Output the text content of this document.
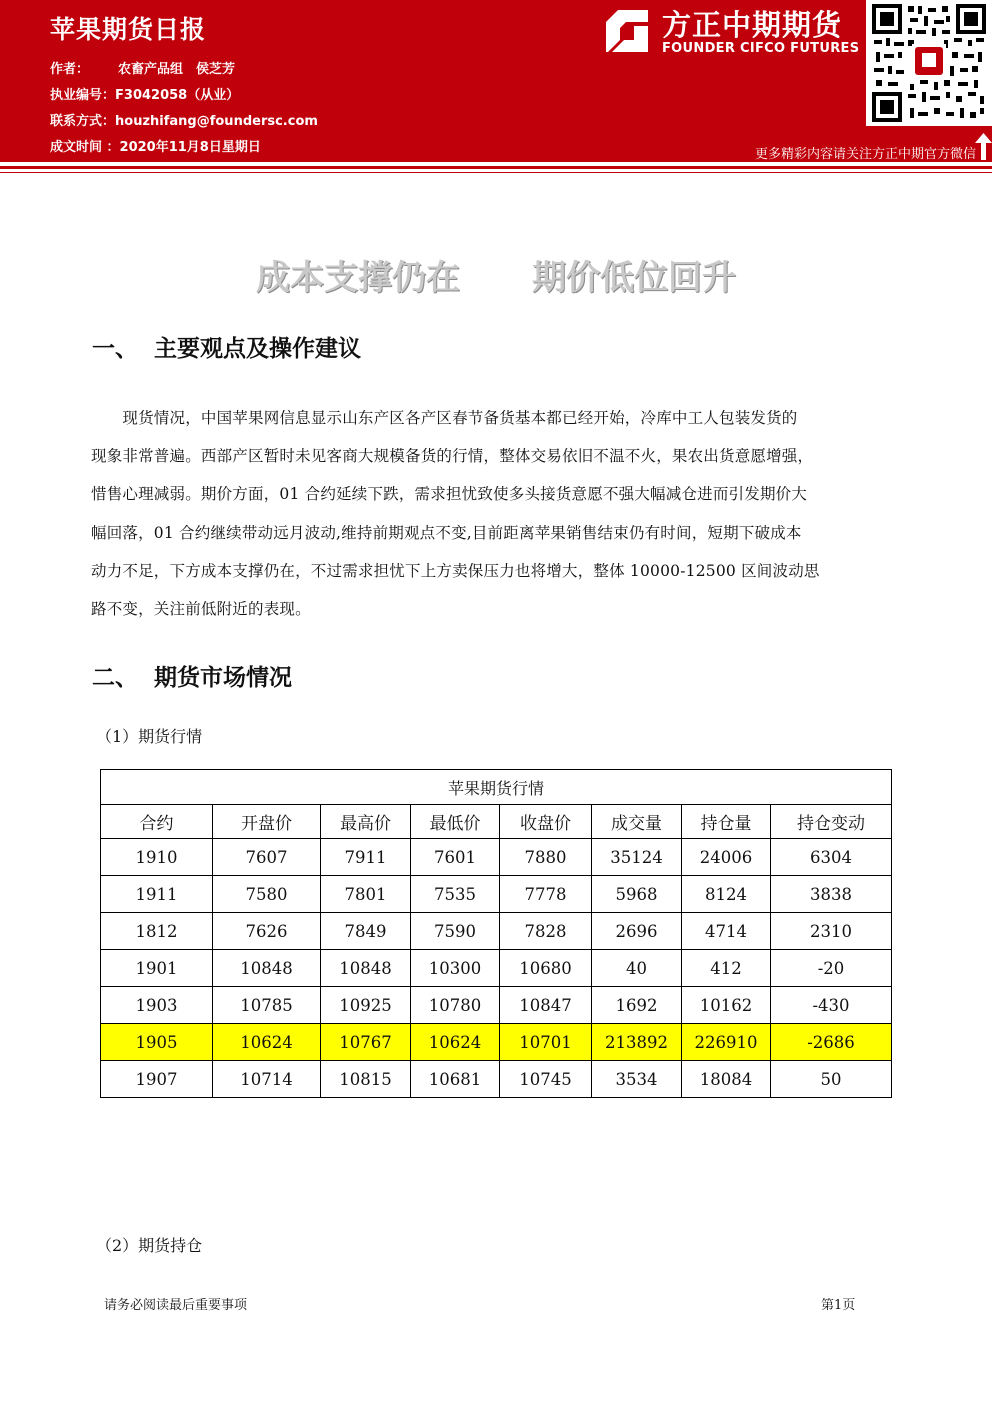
苹果期货日报
作者： 农畜产品组　侯芝芳
执业编号：F3042058（从业）
联系方式：houzhifang@foundersc.com
成文时间 ：2020年11月8日星期日
方正中期期货
FOUNDER CIFCO FUTURES
更多精彩内容请关注方正中期官方微信
成本支撑仍在 期价低位回升
一、 主要观点及操作建议
　　现货情况，中国苹果网信息显示山东产区各产区春节备货基本都已经开始，冷库中工人包装发货的
现象非常普遍。西部产区暂时未见客商大规模备货的行情，整体交易依旧不温不火，果农出货意愿增强，
惜售心理减弱。期价方面，01 合约延续下跌，需求担忧致使多头接货意愿不强大幅减仓进而引发期价大
幅回落，01 合约继续带动远月波动,维持前期观点不变,目前距离苹果销售结束仍有时间，短期下破成本
动力不足，下方成本支撑仍在，不过需求担忧下上方卖保压力也将增大，整体 10000-12500 区间波动思
路不变，关注前低附近的表现。
二、 期货市场情况
（1）期货行情
苹果期货行情							
合约	开盘价	最高价	最低价	收盘价	成交量	持仓量	持仓变动
1910	7607	7911	7601	7880	35124	24006	6304
1911	7580	7801	7535	7778	5968	8124	3838
1812	7626	7849	7590	7828	2696	4714	2310
1901	10848	10848	10300	10680	40	412	-20
1903	10785	10925	10780	10847	1692	10162	-430
1905	10624	10767	10624	10701	213892	226910	-2686
1907	10714	10815	10681	10745	3534	18084	50
（2）期货持仓
请务必阅读最后重要事项	第1页
